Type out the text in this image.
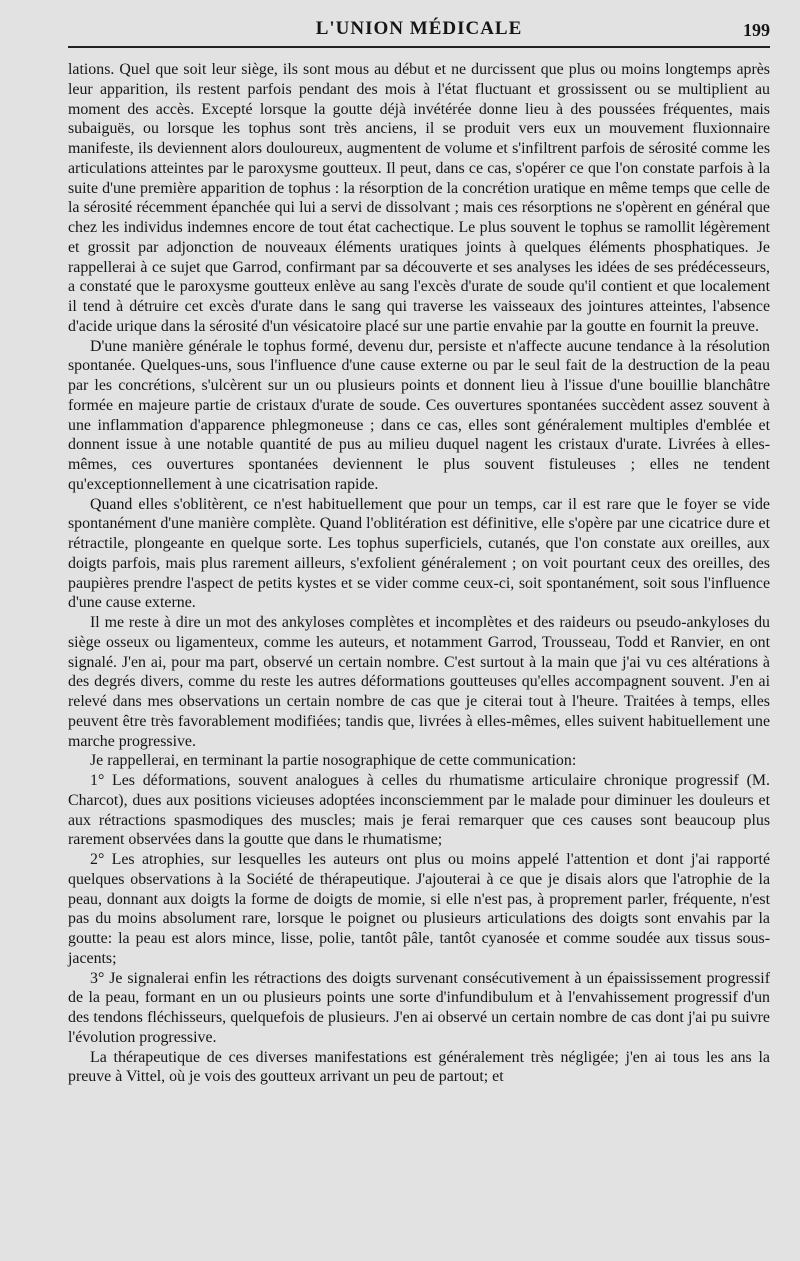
L'UNION MÉDICALE	199

lations. Quel que soit leur siège, ils sont mous au début et ne durcissent que plus ou moins longtemps après leur apparition, ils restent parfois pendant des mois à l'état fluctuant et grossissent ou se multiplient au moment des accès. Excepté lorsque la goutte déjà invétérée donne lieu à des poussées fréquentes, mais subaiguës, ou lorsque les tophus sont très anciens, il se produit vers eux un mouvement fluxionnaire manifeste, ils deviennent alors douloureux, augmentent de volume et s'infiltrent parfois de sérosité comme les articulations atteintes par le paroxysme goutteux. Il peut, dans ce cas, s'opérer ce que l'on constate parfois à la suite d'une première apparition de tophus : la résorption de la concrétion uratique en même temps que celle de la sérosité récemment épanchée qui lui a servi de dissolvant ; mais ces résorptions ne s'opèrent en général que chez les individus indemnes encore de tout état cachectique. Le plus souvent le tophus se ramollit légèrement et grossit par adjonction de nouveaux éléments uratiques joints à quelques éléments phosphatiques. Je rappellerai à ce sujet que Garrod, confirmant par sa découverte et ses analyses les idées de ses prédécesseurs, a constaté que le paroxysme goutteux enlève au sang l'excès d'urate de soude qu'il contient et que localement il tend à détruire cet excès d'urate dans le sang qui traverse les vaisseaux des jointures atteintes, l'absence d'acide urique dans la sérosité d'un vésicatoire placé sur une partie envahie par la goutte en fournit la preuve.

D'une manière générale le tophus formé, devenu dur, persiste et n'affecte aucune tendance à la résolution spontanée. Quelques-uns, sous l'influence d'une cause externe ou par le seul fait de la destruction de la peau par les concrétions, s'ulcèrent sur un ou plusieurs points et donnent lieu à l'issue d'une bouillie blanchâtre formée en majeure partie de cristaux d'urate de soude. Ces ouvertures spontanées succèdent assez souvent à une inflammation d'apparence phlegmoneuse ; dans ce cas, elles sont généralement multiples d'emblée et donnent issue à une notable quantité de pus au milieu duquel nagent les cristaux d'urate. Livrées à elles-mêmes, ces ouvertures spontanées deviennent le plus souvent fistuleuses ; elles ne tendent qu'exceptionnellement à une cicatrisation rapide.

Quand elles s'oblitèrent, ce n'est habituellement que pour un temps, car il est rare que le foyer se vide spontanément d'une manière complète. Quand l'oblitération est définitive, elle s'opère par une cicatrice dure et rétractile, plongeante en quelque sorte. Les tophus superficiels, cutanés, que l'on constate aux oreilles, aux doigts parfois, mais plus rarement ailleurs, s'exfolient généralement ; on voit pourtant ceux des oreilles, des paupières prendre l'aspect de petits kystes et se vider comme ceux-ci, soit spontanément, soit sous l'influence d'une cause externe.

Il me reste à dire un mot des ankyloses complètes et incomplètes et des raideurs ou pseudo-ankyloses du siège osseux ou ligamenteux, comme les auteurs, et notamment Garrod, Trousseau, Todd et Ranvier, en ont signalé. J'en ai, pour ma part, observé un certain nombre. C'est surtout à la main que j'ai vu ces altérations à des degrés divers, comme du reste les autres déformations goutteuses qu'elles accompagnent souvent. J'en ai relevé dans mes observations un certain nombre de cas que je citerai tout à l'heure. Traitées à temps, elles peuvent être très favorablement modifiées; tandis que, livrées à elles-mêmes, elles suivent habituellement une marche progressive.

Je rappellerai, en terminant la partie nosographique de cette communication:

1° Les déformations, souvent analogues à celles du rhumatisme articulaire chronique progressif (M. Charcot), dues aux positions vicieuses adoptées inconsciemment par le malade pour diminuer les douleurs et aux rétractions spasmodiques des muscles; mais je ferai remarquer que ces causes sont beaucoup plus rarement observées dans la goutte que dans le rhumatisme;

2° Les atrophies, sur lesquelles les auteurs ont plus ou moins appelé l'attention et dont j'ai rapporté quelques observations à la Société de thérapeutique. J'ajouterai à ce que je disais alors que l'atrophie de la peau, donnant aux doigts la forme de doigts de momie, si elle n'est pas, à proprement parler, fréquente, n'est pas du moins absolument rare, lorsque le poignet ou plusieurs articulations des doigts sont envahis par la goutte: la peau est alors mince, lisse, polie, tantôt pâle, tantôt cyanosée et comme soudée aux tissus sous-jacents;

3° Je signalerai enfin les rétractions des doigts survenant consécutivement à un épaississement progressif de la peau, formant en un ou plusieurs points une sorte d'infundibulum et à l'envahissement progressif d'un des tendons fléchisseurs, quelquefois de plusieurs. J'en ai observé un certain nombre de cas dont j'ai pu suivre l'évolution progressive.

La thérapeutique de ces diverses manifestations est généralement très négligée; j'en ai tous les ans la preuve à Vittel, où je vois des goutteux arrivant un peu de partout; et
